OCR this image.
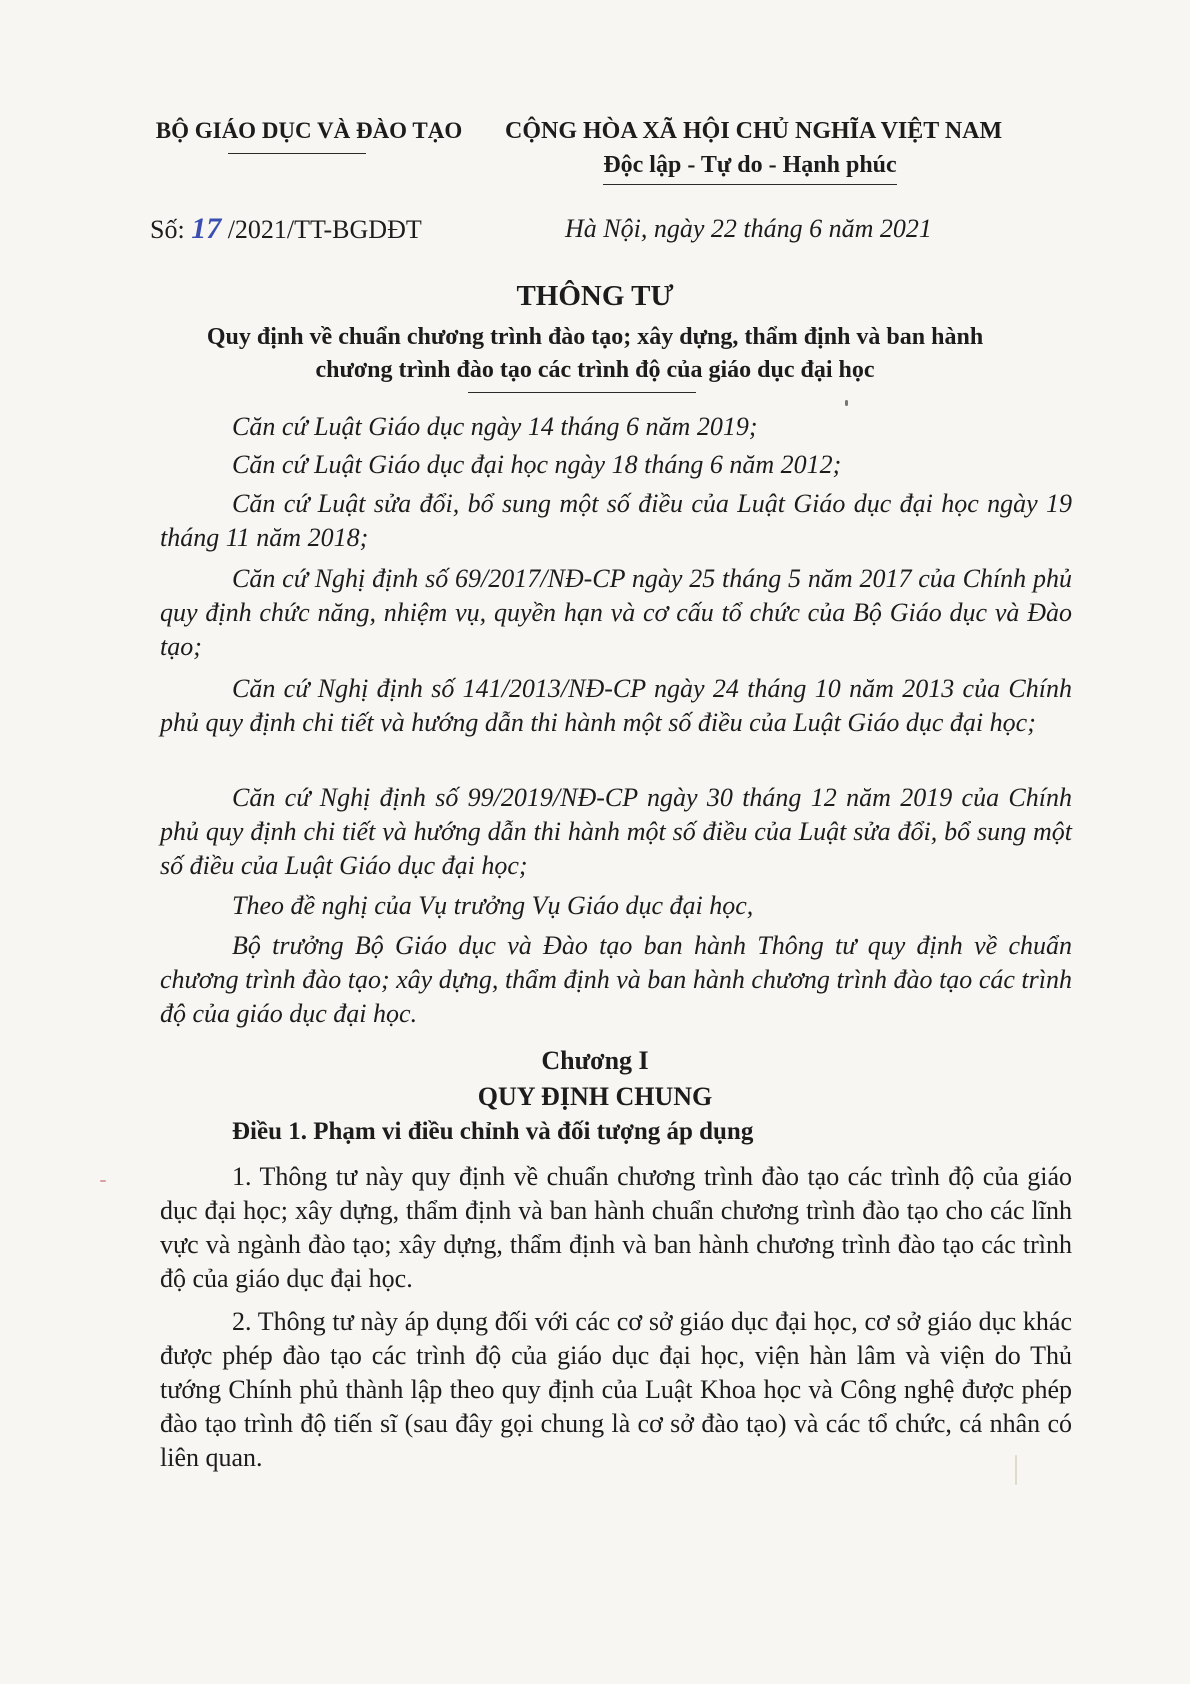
BỘ GIÁO DỤC VÀ ĐÀO TẠO CỘNG HÒA XÃ HỘI CHỦ NGHĨA VIỆT NAM
Độc lập - Tự do - Hạnh phúc
Số: 17 /2021/TT-BGDĐT	Hà Nội, ngày 22 tháng 6 năm 2021
THÔNG TƯ
Quy định về chuẩn chương trình đào tạo; xây dựng, thẩm định và ban hành
chương trình đào tạo các trình độ của giáo dục đại học
Căn cứ Luật Giáo dục ngày 14 tháng 6 năm 2019;
Căn cứ Luật Giáo dục đại học ngày 18 tháng 6 năm 2012;
Căn cứ Luật sửa đổi, bổ sung một số điều của Luật Giáo dục đại học ngày 19 tháng 11 năm 2018;
Căn cứ Nghị định số 69/2017/NĐ-CP ngày 25 tháng 5 năm 2017 của Chính phủ quy định chức năng, nhiệm vụ, quyền hạn và cơ cấu tổ chức của Bộ Giáo dục và Đào tạo;
Căn cứ Nghị định số 141/2013/NĐ-CP ngày 24 tháng 10 năm 2013 của Chính phủ quy định chi tiết và hướng dẫn thi hành một số điều của Luật Giáo dục đại học;
Căn cứ Nghị định số 99/2019/NĐ-CP ngày 30 tháng 12 năm 2019 của Chính phủ quy định chi tiết và hướng dẫn thi hành một số điều của Luật sửa đổi, bổ sung một số điều của Luật Giáo dục đại học;
Theo đề nghị của Vụ trưởng Vụ Giáo dục đại học,
Bộ trưởng Bộ Giáo dục và Đào tạo ban hành Thông tư quy định về chuẩn chương trình đào tạo; xây dựng, thẩm định và ban hành chương trình đào tạo các trình độ của giáo dục đại học.
Chương I
QUY ĐỊNH CHUNG
Điều 1. Phạm vi điều chỉnh và đối tượng áp dụng
1. Thông tư này quy định về chuẩn chương trình đào tạo các trình độ của giáo dục đại học; xây dựng, thẩm định và ban hành chuẩn chương trình đào tạo cho các lĩnh vực và ngành đào tạo; xây dựng, thẩm định và ban hành chương trình đào tạo các trình độ của giáo dục đại học.
2. Thông tư này áp dụng đối với các cơ sở giáo dục đại học, cơ sở giáo dục khác được phép đào tạo các trình độ của giáo dục đại học, viện hàn lâm và viện do Thủ tướng Chính phủ thành lập theo quy định của Luật Khoa học và Công nghệ được phép đào tạo trình độ tiến sĩ (sau đây gọi chung là cơ sở đào tạo) và các tổ chức, cá nhân có liên quan.
